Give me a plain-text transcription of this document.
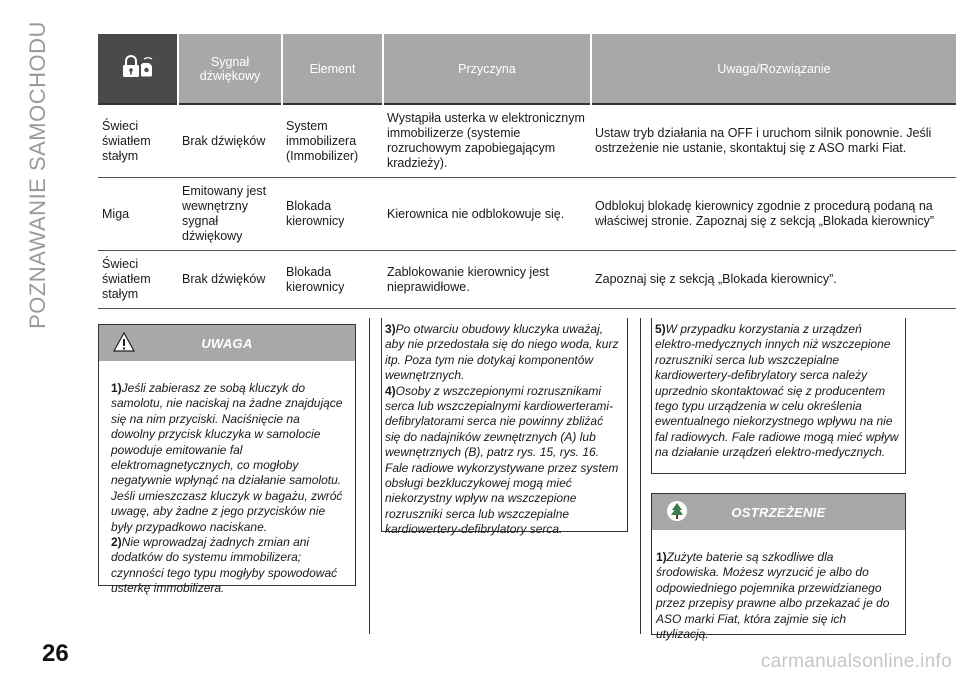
POZNAWANIE SAMOCHODU
		Sygnał dźwiękowy	Element	Przyczyna	Uwaga/Rozwiązanie
Świeci światłem stałym	Brak dźwięków	System immobilizera (Immobilizer)	Wystąpiła usterka w elektronicznym immobilizerze (systemie rozruchowym zapobiegającym kradzieży).	Ustaw tryb działania na OFF i uruchom silnik ponownie. Jeśli ostrzeżenie nie ustanie, skontaktuj się z ASO marki Fiat.
Miga	Emitowany jest wewnętrzny sygnał dźwiękowy	Blokada kierownicy	Kierownica nie odblokowuje się.	Odblokuj blokadę kierownicy zgodnie z procedurą podaną na właściwej stronie. Zapoznaj się z sekcją „Blokada kierownicy”
Świeci światłem stałym	Brak dźwięków	Blokada kierownicy	Zablokowanie kierownicy jest nieprawidłowe.	Zapoznaj się z sekcją „Blokada kierownicy”.
UWAGA

1)Jeśli zabierasz ze sobą kluczyk do samolotu, nie naciskaj na żadne znajdujące się na nim przyciski. Naciśnięcie na dowolny przycisk kluczyka w samolocie powoduje emitowanie fal elektromagnetycznych, co mogłoby negatywnie wpłynąć na działanie samolotu. Jeśli umieszczasz kluczyk w bagażu, zwróć uwagę, aby żadne z jego przycisków nie były przypadkowo naciskane.

2)Nie wprowadzaj żadnych zmian ani dodatków do systemu immobilizera; czynności tego typu mogłyby spowodować usterkę immobilizera.

3)Po otwarciu obudowy kluczyka uważaj, aby nie przedostała się do niego woda, kurz itp. Poza tym nie dotykaj komponentów wewnętrznych.

4)Osoby z wszczepionymi rozrusznikami serca lub wszczepialnymi kardiowerterami-defibrylatorami serca nie powinny zbliżać się do nadajników zewnętrznych (A) lub wewnętrznych (B), patrz rys. 15, rys. 16. Fale radiowe wykorzystywane przez system obsługi bezkluczykowej mogą mieć niekorzystny wpływ na wszczepione rozruszniki serca lub wszczepialne kardiowertery-defibrylatory serca.

5)W przypadku korzystania z urządzeń elektro-medycznych innych niż wszczepione rozruszniki serca lub wszczepialne kardiowertery-defibrylatory serca należy uprzednio skontaktować się z producentem tego typu urządzenia w celu określenia ewentualnego niekorzystnego wpływu na nie fal radiowych. Fale radiowe mogą mieć wpływ na działanie urządzeń elektro-medycznych.

OSTRZEŻENIE

1)Zużyte baterie są szkodliwe dla środowiska. Możesz wyrzucić je albo do odpowiedniego pojemnika przewidzianego przez przepisy prawne albo przekazać je do ASO marki Fiat, która zajmie się ich utylizacją.

26	carmanualsonline.info
